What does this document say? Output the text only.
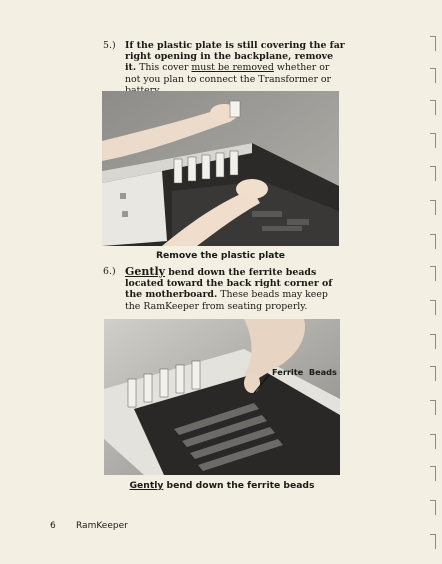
5.) If the plastic plate is still covering the far right opening in the backplane, remove it. This cover must be removed whether or not you plan to connect the Transformer or
Remove the plastic plate
6.) Gently bend down the ferrite beads located toward the back right corner of the motherboard. These beads may keep the RamKeeper from seating properly.
Ferrite  Beads
Gently bend down the ferrite beads
6 RamKeeper
